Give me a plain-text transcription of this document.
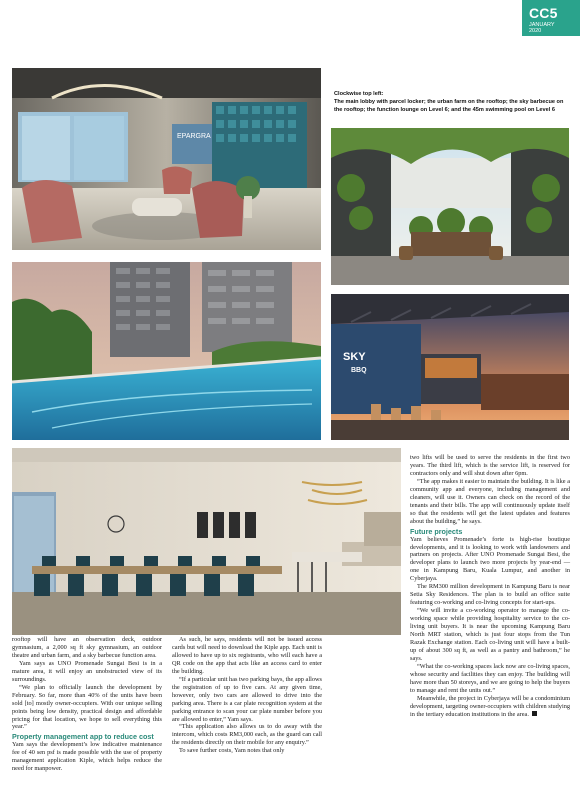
CC5
JANUARY
2020
EPARGRA
Clockwise top left:
The main lobby with parcel locker; the urban farm on the rooftop; the sky barbecue on the rooftop; the function lounge on Level 6; and the 45m swimming pool on Level 6
SKY
BBQ

rooftop will have an observation deck, outdoor gymnasium, a 2,000 sq ft sky gymnasium, an outdoor theatre and urban farm, and a sky barbecue function area.

Yam says as UNO Promenade Sungai Besi is in a mature area, it will enjoy an unobstructed view of its surroundings.

“We plan to officially launch the development by February. So far, more than 40% of the units have been sold [to] mostly owner-occupiers. With our unique selling points being low density, practical design and affordable pricing for that location, we hope to sell everything this year.”

Property management app to reduce cost

Yam says the development’s low indicative maintenance fee of 40 sen psf is made possible with the use of property management application Kiple, which helps reduce the need for manpower.

As such, he says, residents will not be issued access cards but will need to download the Kiple app. Each unit is allowed to have up to six registrants, who will each have a QR code on the app that acts like an access card to enter the building.

“If a particular unit has two parking bays, the app allows the registration of up to five cars. At any given time, however, only two cars are allowed to drive into the parking area. There is a car plate recognition system at the parking entrance to scan your car plate number before you are allowed to enter,” Yam says.

“This application also allows us to do away with the intercom, which costs RM3,000 each, as the guard can call the residents directly on their mobile for any enquiry.”

To save further costs, Yam notes that only

two lifts will be used to serve the residents in the first two years. The third lift, which is the service lift, is reserved for contractors only and will shut down after 6pm.

“The app makes it easier to maintain the building. It is like a community app and everyone, including management and cleaners, will use it. Owners can check on the record of the tenants and their bills. The app will continuously update itself so that the residents will get the latest updates and features about the building,” he says.

Future projects

Yam believes Promenade’s forte is high-rise boutique developments, and it is looking to work with landowners and partners on projects. After UNO Promenade Sungai Besi, the developer plans to launch two more projects by year-end — one in Kampung Baru, Kuala Lumpur, and another in Cyberjaya.

The RM300 million development in Kampung Baru is near Setia Sky Residences. The plan is to build an office suite featuring co-working and co-living concepts for start-ups.

“We will invite a co-working operator to manage the co-working space while providing hospitality service to the co-living unit buyers. It is near the upcoming Kampung Baru North MRT station, which is just four stops from the Tun Razak Exchange station. Each co-living unit will have a built-up of about 300 sq ft, as well as a pantry and bathroom,” he says.

“What the co-working spaces lack now are co-living spaces, whose security and facilities they can enjoy. The building will have more than 50 storeys, and we are going to help the buyers to manage and rent the units out.”

Meanwhile, the project in Cyberjaya will be a condominium development, targeting owner-occupiers with children studying in the tertiary education institutions in the area.
